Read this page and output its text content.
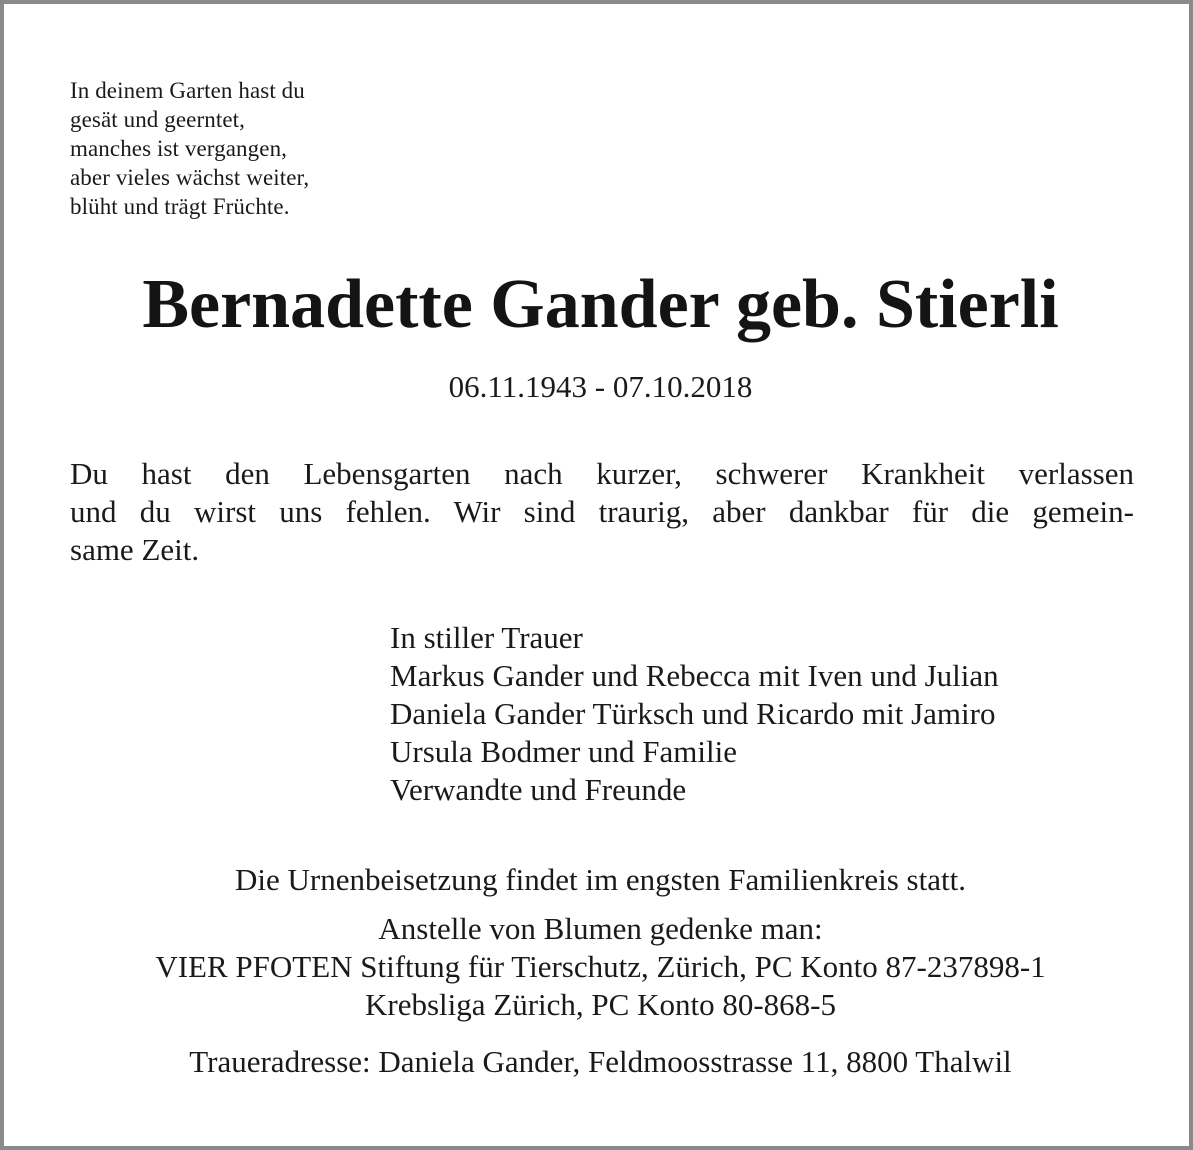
In deinem Garten hast du
gesät und geerntet,
manches ist vergangen,
aber vieles wächst weiter,
blüht und trägt Früchte.
Bernadette Gander geb. Stierli
06.11.1943 - 07.10.2018
Du hast den Lebensgarten nach kurzer, schwerer Krankheit verlassen
und du wirst uns fehlen. Wir sind traurig, aber dankbar für die gemein-
same Zeit.
In stiller Trauer
Markus Gander und Rebecca mit Iven und Julian
Daniela Gander Türksch und Ricardo mit Jamiro
Ursula Bodmer und Familie
Verwandte und Freunde
Die Urnenbeisetzung findet im engsten Familienkreis statt.
Anstelle von Blumen gedenke man:
VIER PFOTEN Stiftung für Tierschutz, Zürich, PC Konto 87-237898-1
Krebsliga Zürich, PC Konto 80-868-5
Traueradresse: Daniela Gander, Feldmoosstrasse 11, 8800 Thalwil
